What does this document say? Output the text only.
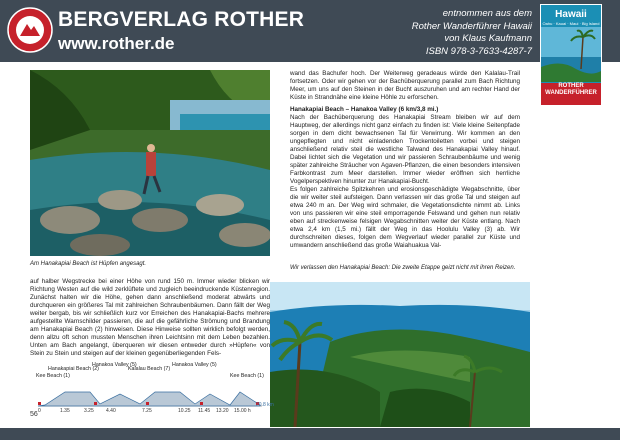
BERGVERLAG ROTHER
www.rother.de
entnommen aus dem
Rother Wanderführer Hawaii
von Klaus Kaufmann
ISBN 978-3-7633-4287-7
Hawaii
Oahu · Kauai · Maui · Big Island
ROTHER
WANDERFÜHRER
Am Hanakapiai Beach ist Hüpfen angesagt.
auf halber Wegstrecke bei einer Höhe von rund 150 m. Immer wieder blicken wir Richtung Westen auf die wild zerklüftete und zugleich beeindruckende Küstenregion. Zunächst halten wir die Höhe, gehen dann anschließend moderat abwärts und durchqueren ein größeres Tal mit zahlreichen Schraubenbäumen. Dann fällt der Weg weiter bergab, bis wir schließlich kurz vor Erreichen des Hanakapiai-Bachs mehrere aufgestellte Warnschilder passieren, die auf die gefährliche Strömung und Brandung am Hanakapiai Beach (2) hinweisen. Diese Hinweise sollten wirklich befolgt werden, denn allzu oft schon mussten Menschen ihren Leichtsinn mit dem Leben bezahlen. Unten am Bach angelangt, überqueren wir diesen entweder durch »Hüpfen« von Stein zu Stein und steigen auf der kleinen gegenüberliegenden Fels-
wand das Bachufer hoch. Der Weiterweg geradeaus würde den Kalalau-Trail fortsetzen. Oder wir gehen vor der Bachüberquerung parallel zum Bach Richtung Meer, um uns auf den Steinen in der Bucht auszuruhen und am rechter Hand der Küste in Strandnähe eine kleine Höhle zu erforschen.
Hanakapiai Beach – Hanakoa Valley (6 km/3,8 mi.)
Nach der Bachüberquerung des Hanakapiai Stream bleiben wir auf dem Hauptweg, der allerdings nicht ganz einfach zu finden ist: Viele kleine Seitenpfade sorgen in dem dicht bewachsenen Tal für Verwirrung. Wir kommen an den ungepflegten und nicht einladenden Trockentoiletten vorbei und steigen anschließend relativ steil die westliche Talwand des Hanakapiai Valley hinauf. Dabei lichtet sich die Vegetation und wir passieren Schraubenbäume und wenig später zahlreiche Sträucher von Agaven-Pflanzen, die einen besonders intensiven Farbkontrast zum Meer darstellen. Immer wieder eröffnen sich herrliche Vogelperspektiven hinunter zur Hanakapiai-Bucht.
Es folgen zahlreiche Spitzkehren und erosionsgeschädigte Wegabschnitte, über die wir weiter steil aufsteigen. Dann verlassen wir das große Tal und steigen auf etwa 240 m an. Der Weg wird schmaler, die Vegetationsdichte nimmt ab. Links von uns passieren wir eine steil emporragende Felswand und gehen nun relativ eben auf streckenweise felsigen Wegabschnitten weiter der Küste entlang. Nach etwa 2,4 km (1,5 mi.) fällt der Weg in das Hoolulu Valley (3) ab. Wir durchschreiten dieses, folgen dem Wegverlauf wieder parallel zur Küste und umwandern anschließend das große Waiahuakua Val-
Wir verlassen den Hanakapiai Beach: Die zweite Etappe geizt nicht mit ihren Reizen.
Kee Beach (1)
Hanakapiai Beach (2)
Hanakoa Valley (5)
Kalalau Beach (7)
Hanakoa Valley (5)
Kee Beach (1)
0	1.35	3.25 4.40	7.25	10.25 11.45 13.20 15.00 h
20.8 km
56
